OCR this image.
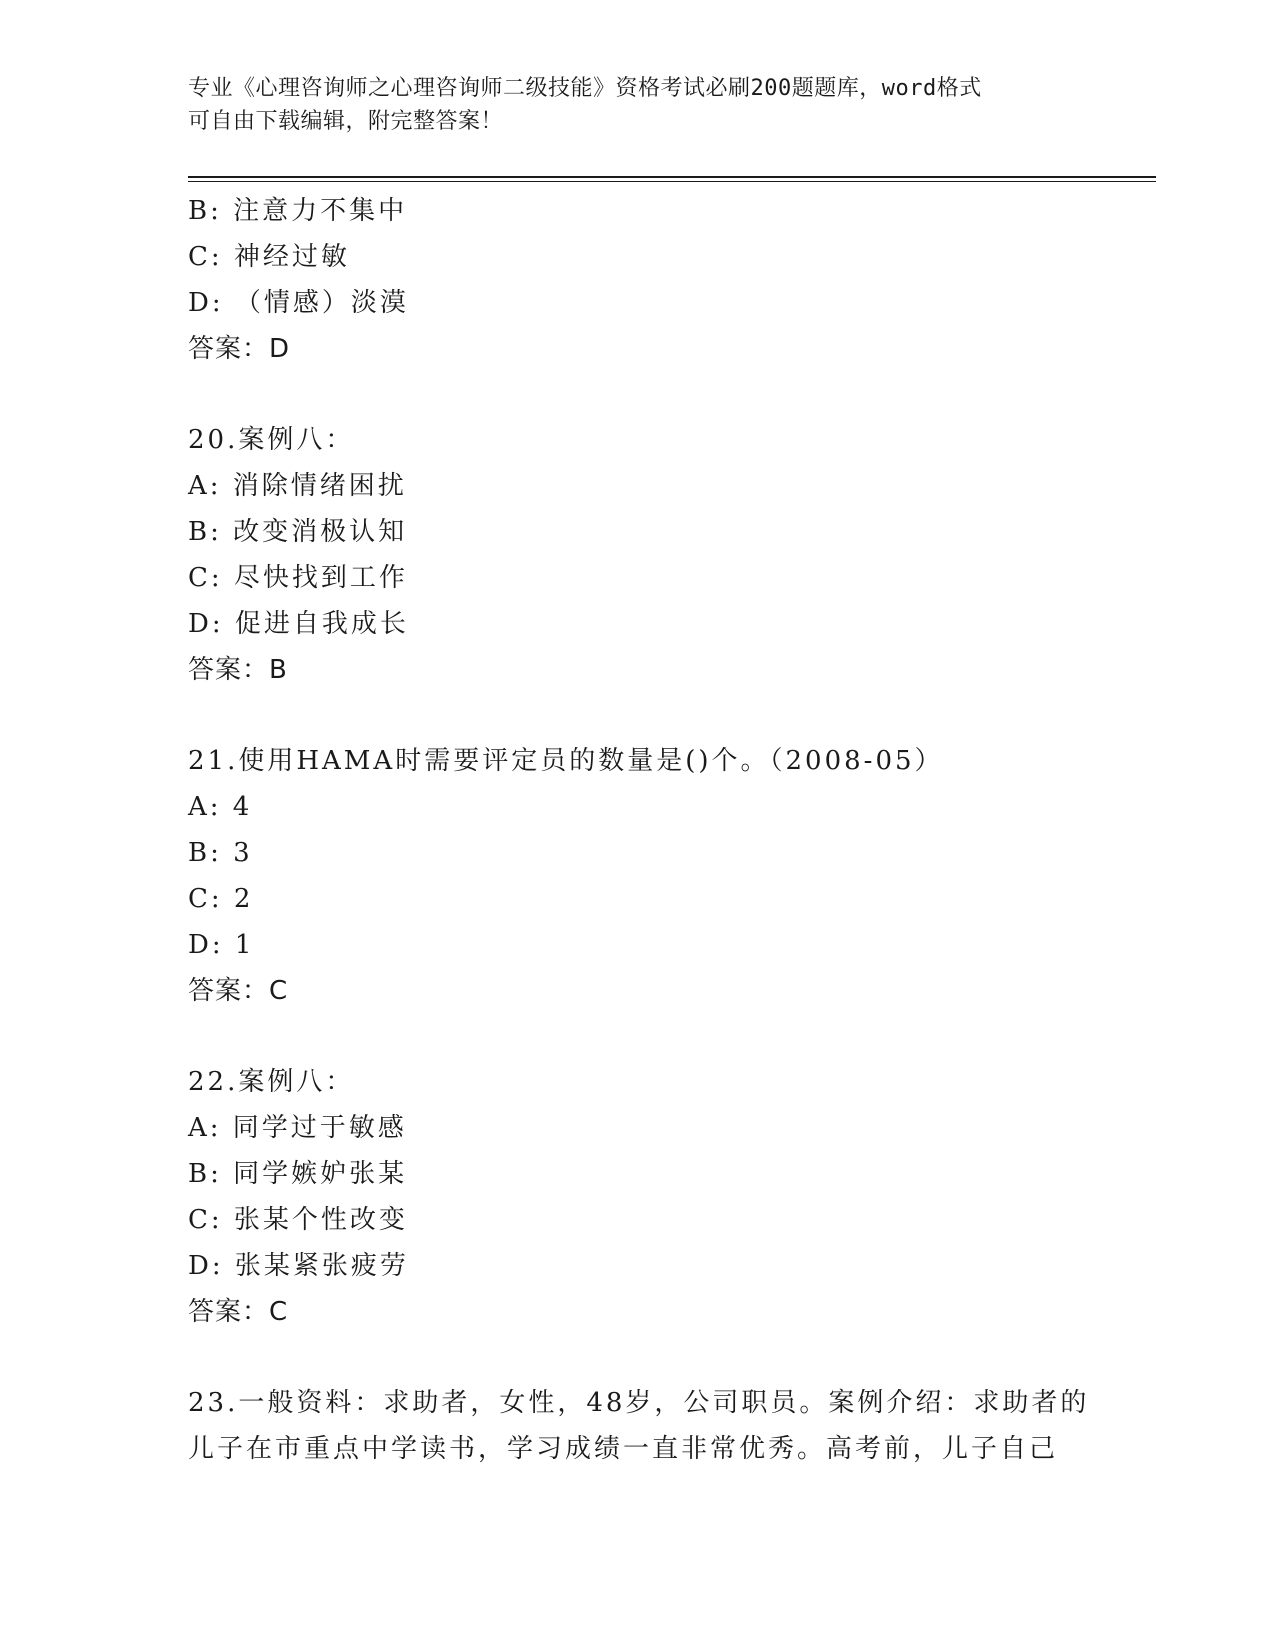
专业《心理咨询师之心理咨询师二级技能》资格考试必刷200题题库，word格式
可自由下载编辑，附完整答案！
B: 注意力不集中
C: 神经过敏
D: （情感）淡漠
答案：D
20.案例八：
A: 消除情绪困扰
B: 改变消极认知
C: 尽快找到工作
D: 促进自我成长
答案：B
21.使用HAMA时需要评定员的数量是()个。（2008-05）
A: 4
B: 3
C: 2
D: 1
答案：C
22.案例八：
A: 同学过于敏感
B: 同学嫉妒张某
C: 张某个性改变
D: 张某紧张疲劳
答案：C
23.一般资料：求助者，女性，48岁，公司职员。案例介绍：求助者的
儿子在市重点中学读书，学习成绩一直非常优秀。高考前，儿子自己
